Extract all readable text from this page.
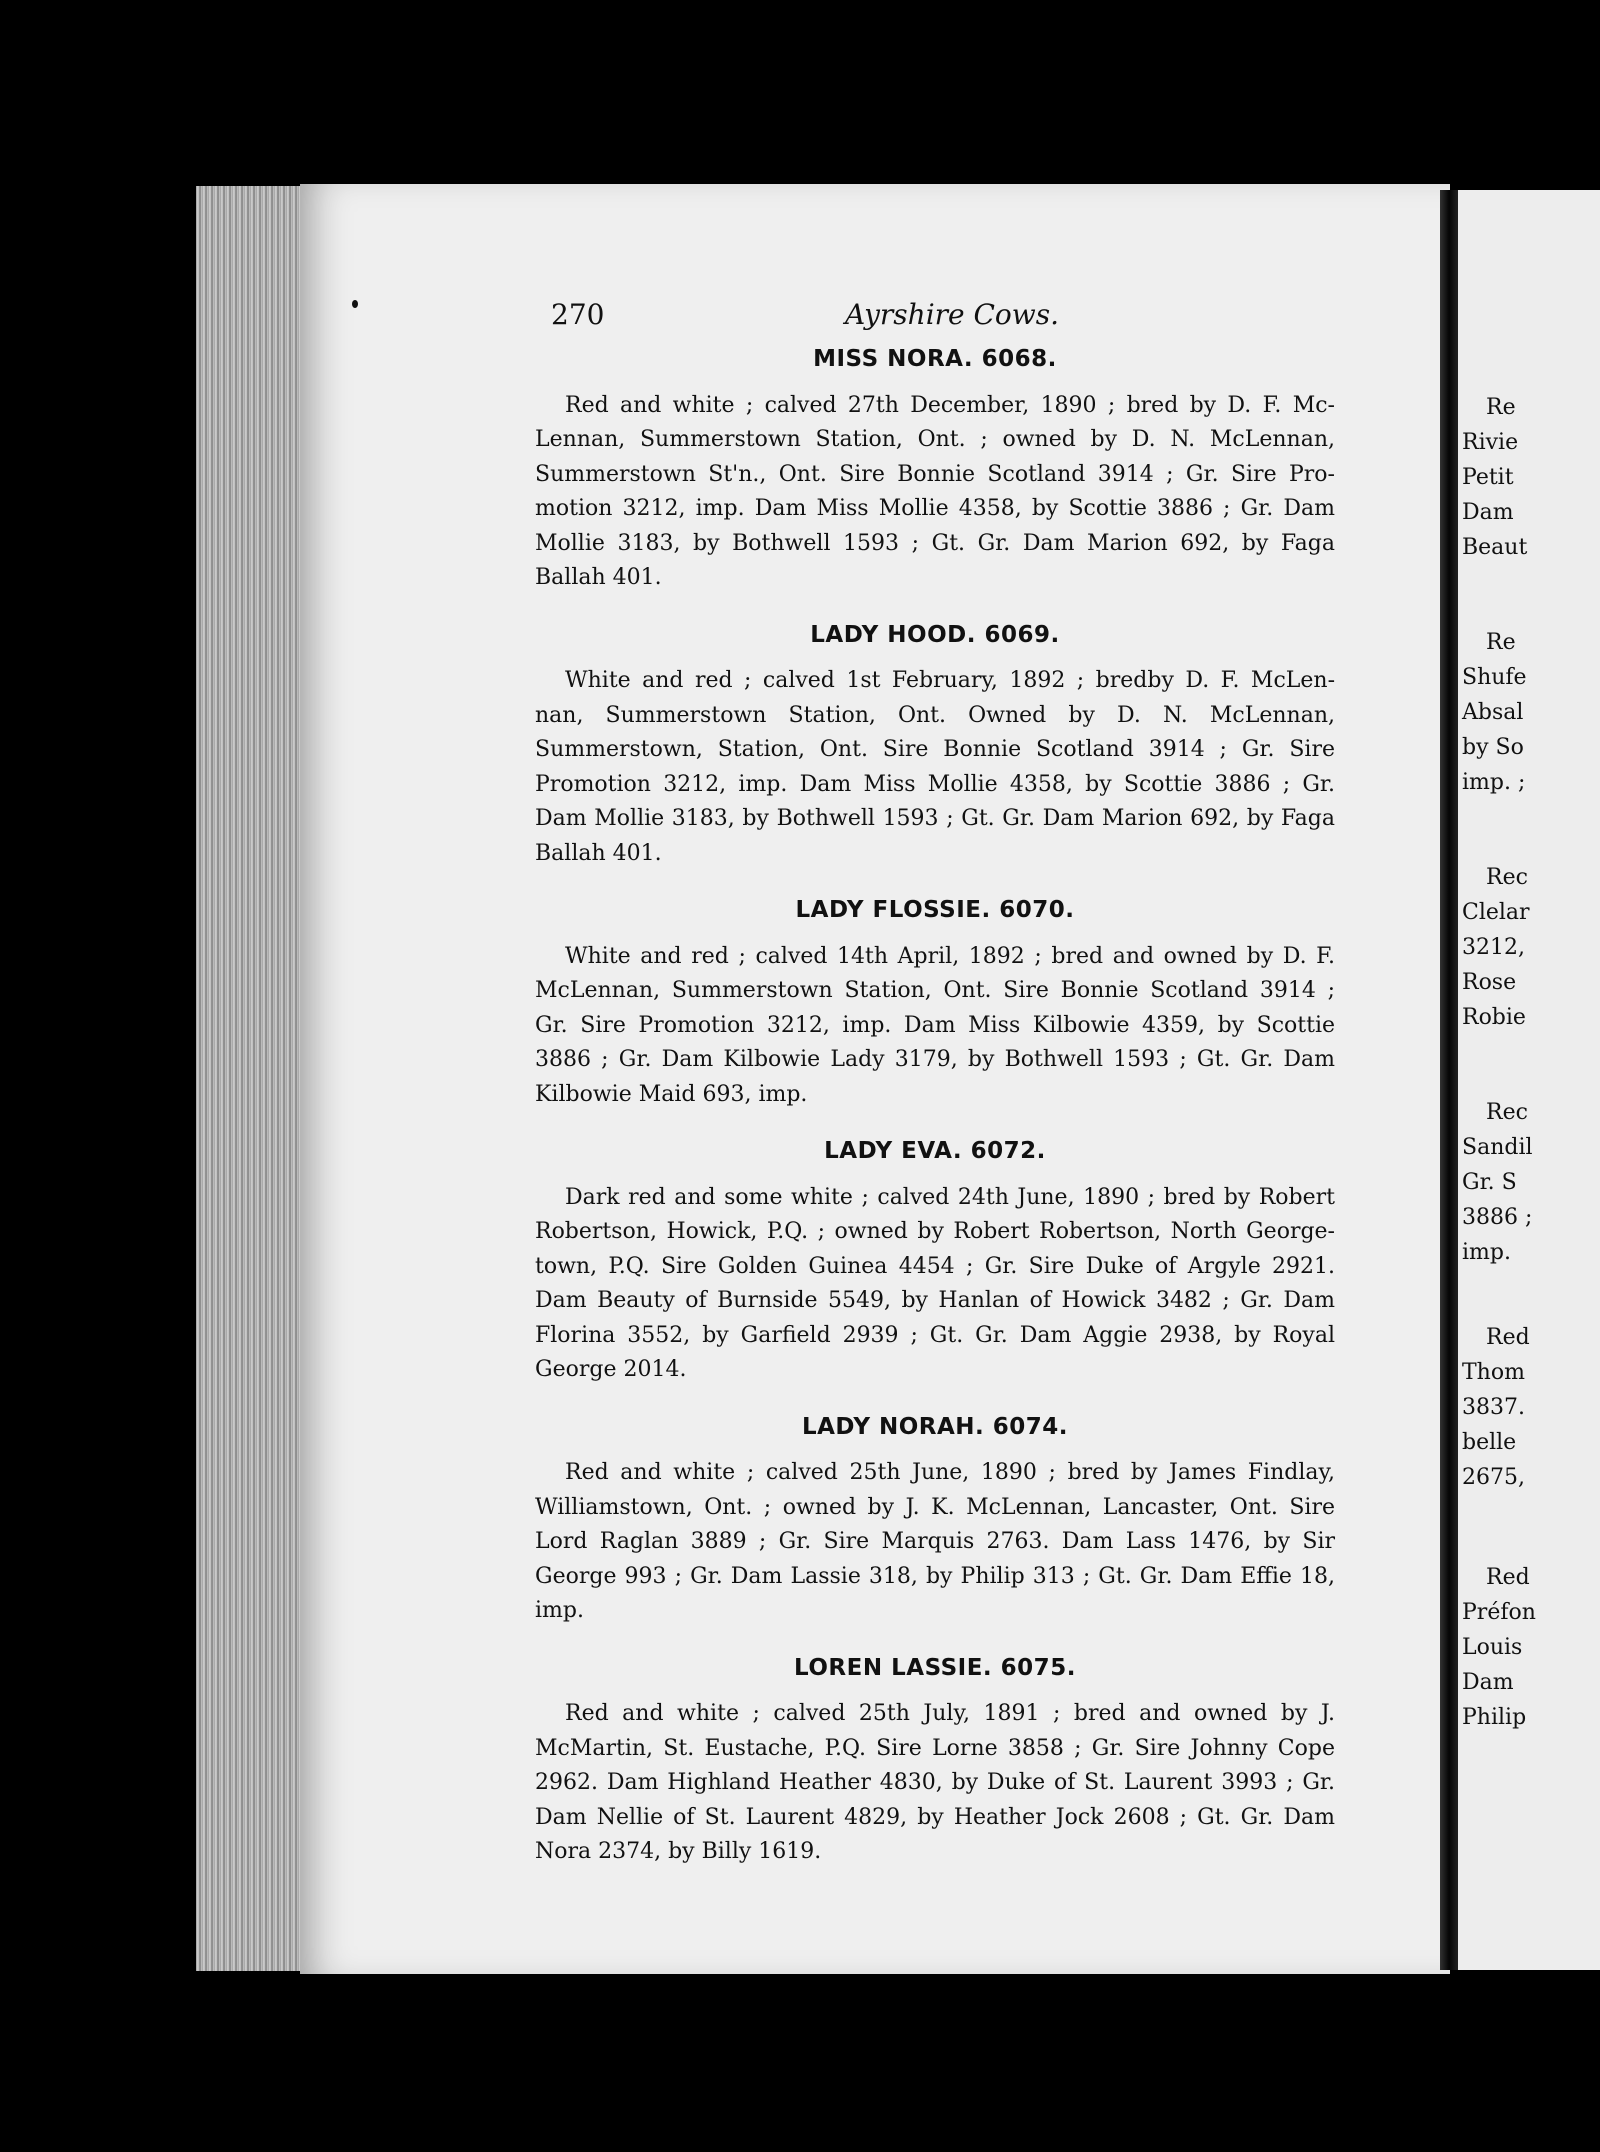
Re
Rivie
Petit
Dam
Beaut
Re
Shufe
Absal
by So
imp. ;
Rec
Clelar
3212,
Rose
Robie
Rec
Sandil
Gr. S
3886 ;
imp.
Red
Thom
3837.
belle
2675,
Red
Préfon
Louis
Dam
Philip
270	Ayrshire Cows.
MISS NORA. 6068.

Red and white ; calved 27th December, 1890 ; bred by D. F. Mc- Lennan, Summerstown Station, Ont. ; owned by D. N. McLennan, Summerstown St'n., Ont. Sire Bonnie Scotland 3914 ; Gr. Sire Pro- motion 3212, imp. Dam Miss Mollie 4358, by Scottie 3886 ; Gr. Dam Mollie 3183, by Bothwell 1593 ; Gt. Gr. Dam Marion 692, by Faga Ballah 401.

LADY HOOD. 6069.

White and red ; calved 1st February, 1892 ; bredby D. F. McLen- nan, Summerstown Station, Ont. Owned by D. N. McLennan, Summerstown, Station, Ont. Sire Bonnie Scotland 3914 ; Gr. Sire Promotion 3212, imp. Dam Miss Mollie 4358, by Scottie 3886 ; Gr. Dam Mollie 3183, by Bothwell 1593 ; Gt. Gr. Dam Marion 692, by Faga Ballah 401.

LADY FLOSSIE. 6070.

White and red ; calved 14th April, 1892 ; bred and owned by D. F. McLennan, Summerstown Station, Ont. Sire Bonnie Scotland 3914 ; Gr. Sire Promotion 3212, imp. Dam Miss Kilbowie 4359, by Scottie 3886 ; Gr. Dam Kilbowie Lady 3179, by Bothwell 1593 ; Gt. Gr. Dam Kilbowie Maid 693, imp.

LADY EVA. 6072.

Dark red and some white ; calved 24th June, 1890 ; bred by Robert Robertson, Howick, P.Q. ; owned by Robert Robertson, North George- town, P.Q. Sire Golden Guinea 4454 ; Gr. Sire Duke of Argyle 2921. Dam Beauty of Burnside 5549, by Hanlan of Howick 3482 ; Gr. Dam Florina 3552, by Garfield 2939 ; Gt. Gr. Dam Aggie 2938, by Royal George 2014.

LADY NORAH. 6074.

Red and white ; calved 25th June, 1890 ; bred by James Findlay, Williamstown, Ont. ; owned by J. K. McLennan, Lancaster, Ont. Sire Lord Raglan 3889 ; Gr. Sire Marquis 2763. Dam Lass 1476, by Sir George 993 ; Gr. Dam Lassie 318, by Philip 313 ; Gt. Gr. Dam Effie 18, imp.

LOREN LASSIE. 6075.

Red and white ; calved 25th July, 1891 ; bred and owned by J. McMartin, St. Eustache, P.Q. Sire Lorne 3858 ; Gr. Sire Johnny Cope 2962. Dam Highland Heather 4830, by Duke of St. Laurent 3993 ; Gr. Dam Nellie of St. Laurent 4829, by Heather Jock 2608 ; Gt. Gr. Dam Nora 2374, by Billy 1619.
